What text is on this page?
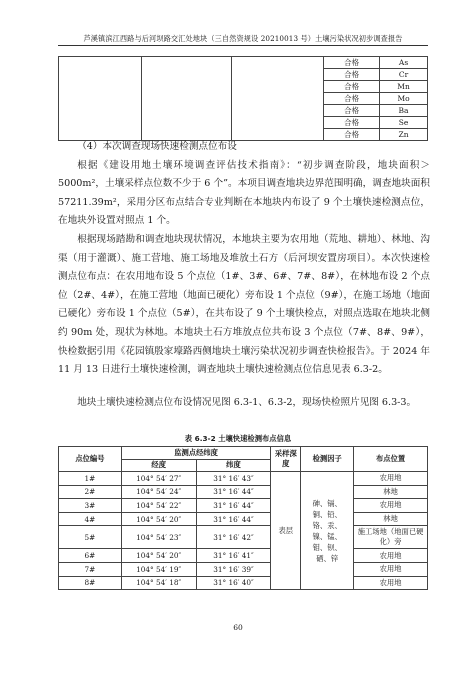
芦溪镇滨江西路与后河坝路交汇处地块（三自然资规设 20210013 号）土壤污染状况初步调查报告
			合格	As
			合格	Cr
			合格	Mn
			合格	Mo
			合格	Ba
			合格	Se
			合格	Zn

（4）本次调查现场快速检测点位布设

根据《建设用地土壤环境调查评估技术指南》：“初步调查阶段，地块面积＞5000m²，土壤采样点位数不少于 6 个”。本项目调查地块边界范围明确，调查地块面积 57211.39m²，采用分区布点结合专业判断在本地块内布设了 9 个土壤快速检测点位，在地块外设置对照点 1 个。

根据现场踏勘和调查地块现状情况，本地块主要为农用地（荒地、耕地）、林地、沟渠（用于灌溉）、施工营地、施工场地及堆放土石方（后河坝安置房项目）。本次快速检测点位布点：在农用地布设 5 个点位（1#、3#、6#、7#、8#），在林地布设 2 个点位（2#、4#），在施工营地（地面已硬化）旁布设 1 个点位（9#），在施工场地（地面已硬化）旁布设 1 个点位（5#），在共布设了 9 个土壤快检点，对照点选取在地块北侧约 90m 处，现状为林地。本地块土石方堆放点位共布设 3 个点位（7#、8#、9#），快检数据引用《花园镇殷家壕路西侧地块土壤污染状况初步调查快检报告》。于 2024 年 11 月 13 日进行土壤快速检测，调查地块土壤快速检测点位信息见表 6.3-2。

地块土壤快速检测点位布设情况见图 6.3-1、6.3-2，现场快检照片见图 6.3-3。

表 6.3-2 土壤快速检测布点信息
点位编号	监测点经纬度		采样深度	检测因子	布点位置
	经度	纬度			
1#	104° 54′ 27″	31° 16′ 43″	表层	砷、镉、铜、铅、铬、汞、镍、锰、钼、钡、硒、锌	农用地
2#	104° 54′ 24″	31° 16′ 44″			林地
3#	104° 54′ 22″	31° 16′ 44″			农用地
4#	104° 54′ 20″	31° 16′ 44″			林地
5#	104° 54′ 23″	31° 16′ 42″			施工场地（地面已硬化）旁
6#	104° 54′ 20″	31° 16′ 41″			农用地
7#	104° 54′ 19″	31° 16′ 39″			农用地
8#	104° 54′ 18″	31° 16′ 40″			农用地
60
